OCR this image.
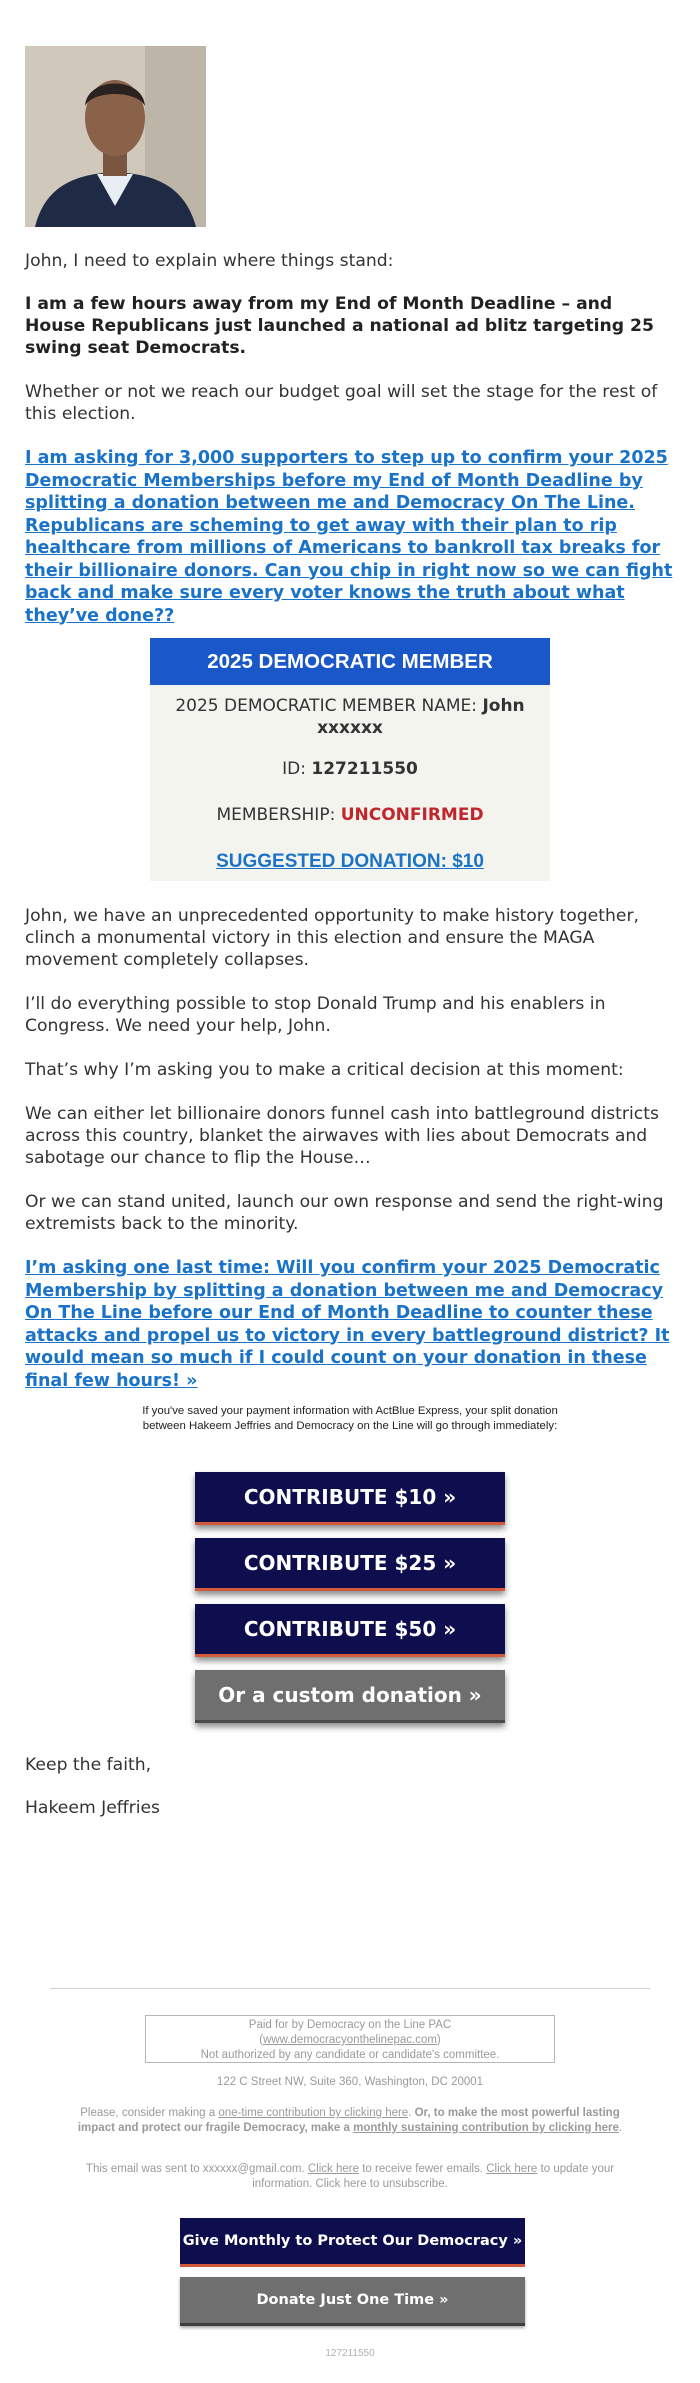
John, I need to explain where things stand:

I am a few hours away from my End of Month Deadline – and House Republicans just launched a national ad blitz targeting 25 swing seat Democrats.

Whether or not we reach our budget goal will set the stage for the rest of this election.

I am asking for 3,000 supporters to step up to confirm your 2025 Democratic Memberships before my End of Month Deadline by splitting a donation between me and Democracy On The Line. Republicans are scheming to get away with their plan to rip healthcare from millions of Americans to bankroll tax breaks for their billionaire donors. Can you chip in right now so we can fight back and make sure every voter knows the truth about what they’ve done??
2025 DEMOCRATIC MEMBER
2025 DEMOCRATIC MEMBER NAME: John xxxxxx
ID: 127211550
MEMBERSHIP: UNCONFIRMED
SUGGESTED DONATION: $10

John, we have an unprecedented opportunity to make history together, clinch a monumental victory in this election and ensure the MAGA movement completely collapses.

I’ll do everything possible to stop Donald Trump and his enablers in Congress. We need your help, John.

That’s why I’m asking you to make a critical decision at this moment:

We can either let billionaire donors funnel cash into battleground districts across this country, blanket the airwaves with lies about Democrats and sabotage our chance to flip the House…

Or we can stand united, launch our own response and send the right-wing extremists back to the minority.

I’m asking one last time: Will you confirm your 2025 Democratic Membership by splitting a donation between me and Democracy On The Line before our End of Month Deadline to counter these attacks and propel us to victory in every battleground district? It would mean so much if I could count on your donation in these final few hours! »

If you've saved your payment information with ActBlue Express, your split donation between Hakeem Jeffries and Democracy on the Line will go through immediately:

CONTRIBUTE $10 »
CONTRIBUTE $25 »
CONTRIBUTE $50 »
Or a custom donation »

Keep the faith,

Hakeem Jeffries

Paid for by Democracy on the Line PAC
(www.democracyonthelinepac.com)
Not authorized by any candidate or candidate's committee.

122 C Street NW, Suite 360, Washington, DC 20001

Please, consider making a one-time contribution by clicking here. Or, to make the most powerful lasting impact and protect our fragile Democracy, make a monthly sustaining contribution by clicking here.

This email was sent to xxxxxx@gmail.com. Click here to receive fewer emails. Click here to update your information. Click here to unsubscribe.

Give Monthly to Protect Our Democracy »
Donate Just One Time »
127211550
